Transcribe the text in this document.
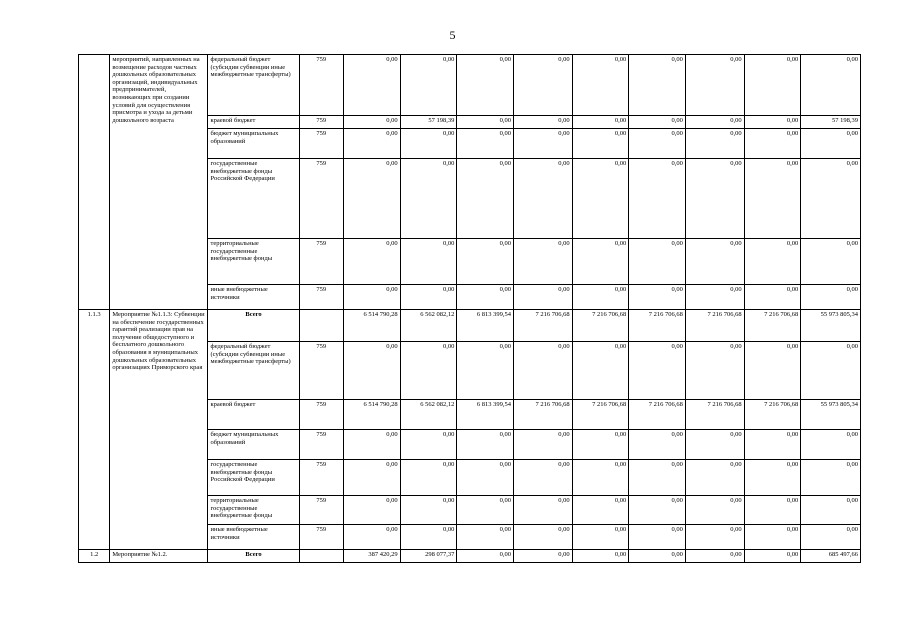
5
	мероприятий, направленных на возмещение расходов частных дошкольных образовательных организаций, индивидуальных предпринимателей, возникающих при создании условий для осуществления присмотра и ухода за детьми дошкольного возраста	федеральный бюджет (субсидии субвенции иные межбюджетные трансферты)	759	0,00	0,00	0,00	0,00	0,00	0,00	0,00	0,00	0,00
		краевой бюджет	759	0,00	57 198,39	0,00	0,00	0,00	0,00	0,00	0,00	57 198,39
		бюджет муниципальных образований	759	0,00	0,00	0,00	0,00	0,00	0,00	0,00	0,00	0,00
		государственные внебюджетные фонды Российской Федерации	759	0,00	0,00	0,00	0,00	0,00	0,00	0,00	0,00	0,00
		территориальные государственные внебюджетные фонды	759	0,00	0,00	0,00	0,00	0,00	0,00	0,00	0,00	0,00
		иные внебюджетные источники	759	0,00	0,00	0,00	0,00	0,00	0,00	0,00	0,00	0,00
1.1.3	Мероприятие №1.1.3: Субвенции на обеспечение государственных гарантий реализации прав на получение общедоступного и бесплатного дошкольного образования в муниципальных дошкольных образовательных организациях Приморского края	Всего		6 514 790,28	6 562 082,12	6 813 399,54	7 216 706,68	7 216 706,68	7 216 706,68	7 216 706,68	7 216 706,68	55 973 805,34
		федеральный бюджет (субсидии субвенции иные межбюджетные трансферты)	759	0,00	0,00	0,00	0,00	0,00	0,00	0,00	0,00	0,00
		краевой бюджет	759	6 514 790,28	6 562 082,12	6 813 399,54	7 216 706,68	7 216 706,68	7 216 706,68	7 216 706,68	7 216 706,68	55 973 805,34
		бюджет муниципальных образований	759	0,00	0,00	0,00	0,00	0,00	0,00	0,00	0,00	0,00
		государственные внебюджетные фонды Российской Федерации	759	0,00	0,00	0,00	0,00	0,00	0,00	0,00	0,00	0,00
		территориальные государственные внебюджетные фонды	759	0,00	0,00	0,00	0,00	0,00	0,00	0,00	0,00	0,00
		иные внебюджетные источники	759	0,00	0,00	0,00	0,00	0,00	0,00	0,00	0,00	0,00
1.2	Мероприятие №1.2.	Всего		387 420,29	298 077,37	0,00	0,00	0,00	0,00	0,00	0,00	685 497,66
